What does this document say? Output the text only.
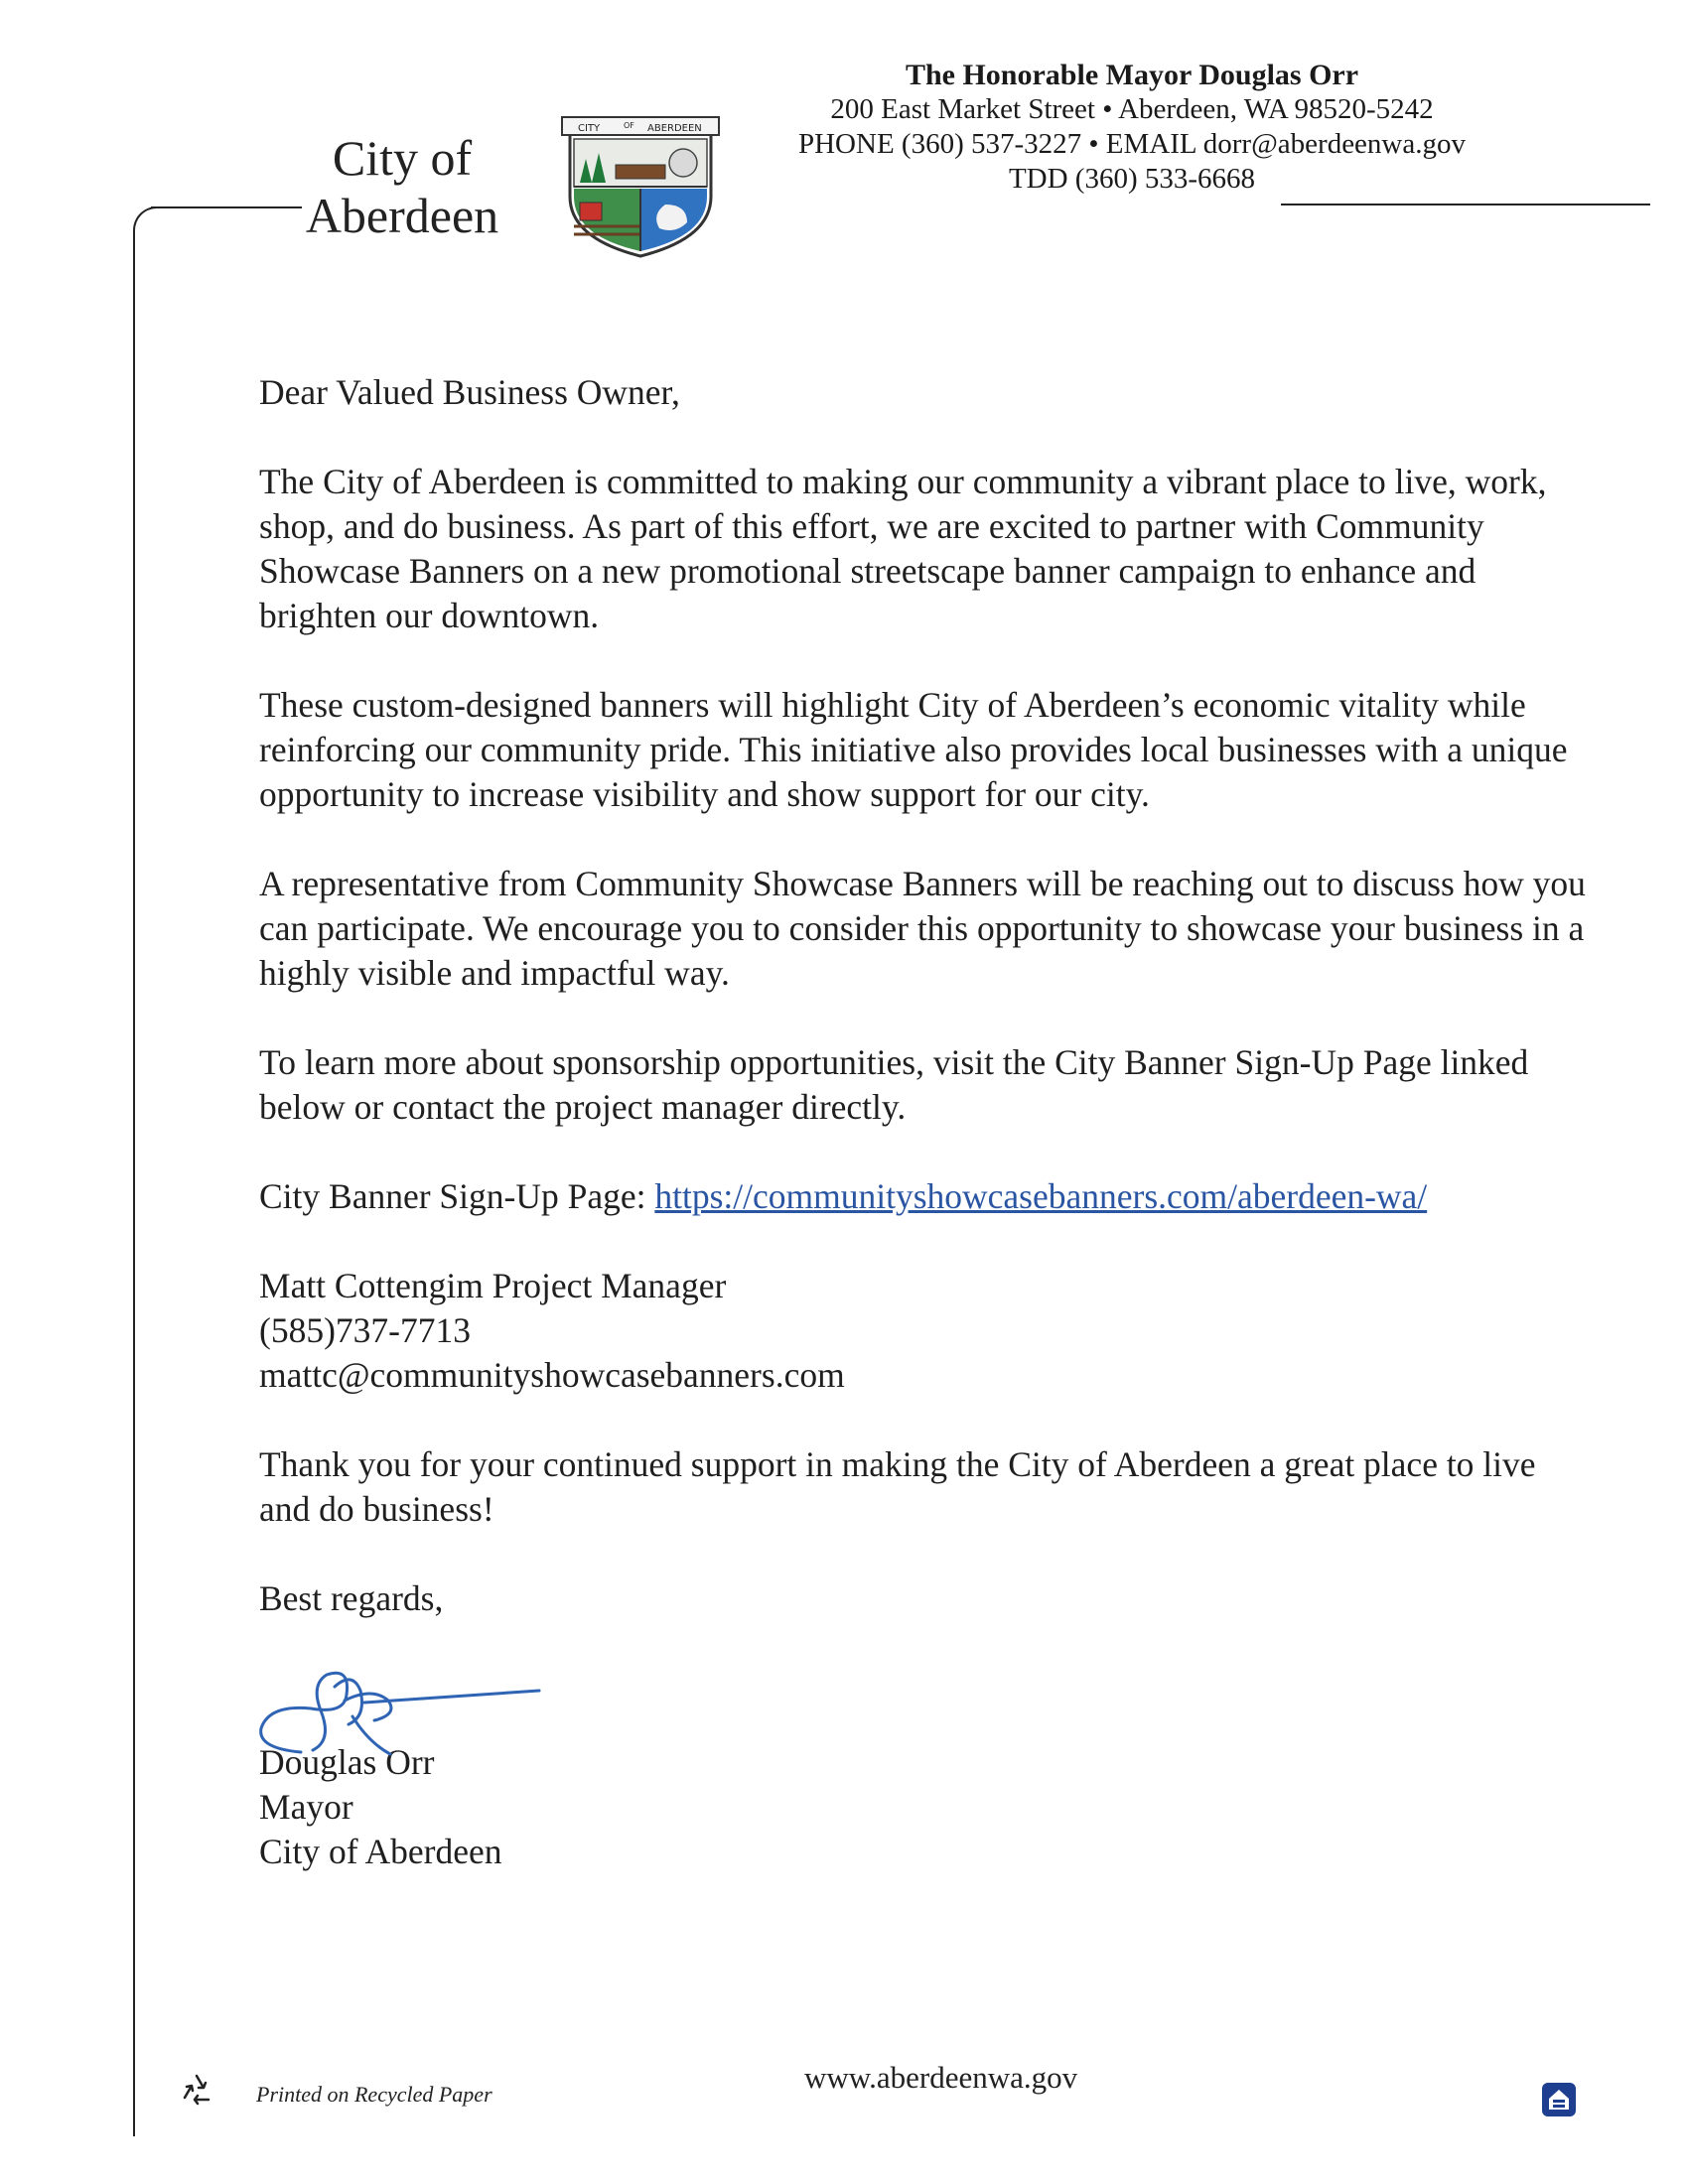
City of
Aberdeen
CITY	OF ABERDEEN
The Honorable Mayor Douglas Orr
200 East Market Street • Aberdeen, WA 98520-5242
PHONE (360) 537-3227 • EMAIL dorr@aberdeenwa.gov
TDD (360) 533-6668

Dear Valued Business Owner,

The City of Aberdeen is committed to making our community a vibrant place to live, work, shop, and do business. As part of this effort, we are excited to partner with Community Showcase Banners on a new promotional streetscape banner campaign to enhance and brighten our downtown.

These custom-designed banners will highlight City of Aberdeen’s economic vitality while reinforcing our community pride. This initiative also provides local businesses with a unique opportunity to increase visibility and show support for our city.

A representative from Community Showcase Banners will be reaching out to discuss how you can participate. We encourage you to consider this opportunity to showcase your business in a highly visible and impactful way.

To learn more about sponsorship opportunities, visit the City Banner Sign-Up Page linked below or contact the project manager directly.

City Banner Sign-Up Page: https://communityshowcasebanners.com/aberdeen-wa/

Matt Cottengim Project Manager
(585)737-7713
mattc@communityshowcasebanners.com

Thank you for your continued support in making the City of Aberdeen a great place to live and do business!

Best regards,

Douglas Orr
Mayor
City of Aberdeen
Printed on Recycled Paper	www.aberdeenwa.gov
